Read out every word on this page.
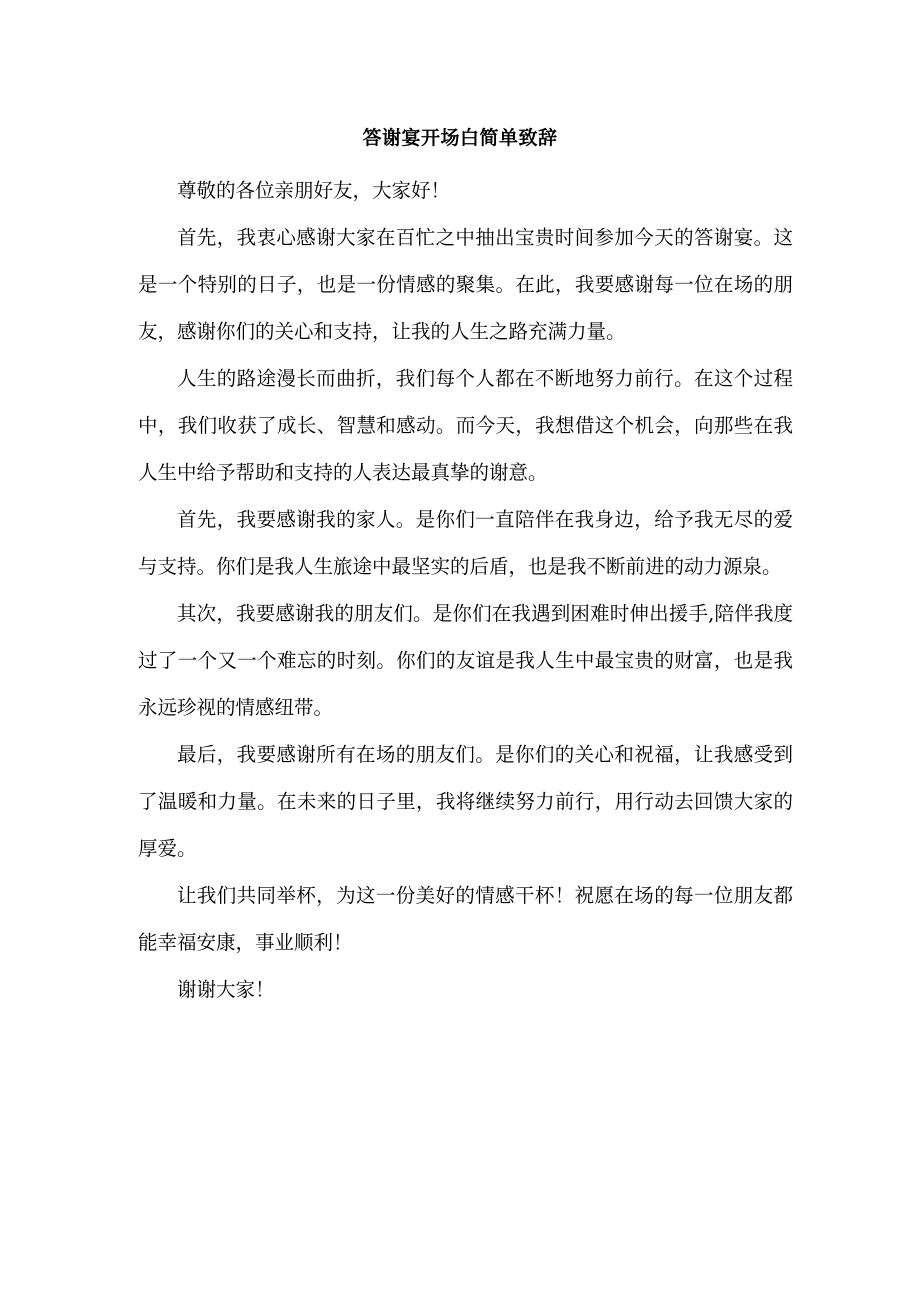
答谢宴开场白简单致辞

尊敬的各位亲朋好友，大家好！

首先，我衷心感谢大家在百忙之中抽出宝贵时间参加今天的答谢宴。这是一个特别的日子，也是一份情感的聚集。在此，我要感谢每一位在场的朋友，感谢你们的关心和支持，让我的人生之路充满力量。

人生的路途漫长而曲折，我们每个人都在不断地努力前行。在这个过程中，我们收获了成长、智慧和感动。而今天，我想借这个机会，向那些在我人生中给予帮助和支持的人表达最真挚的谢意。

首先，我要感谢我的家人。是你们一直陪伴在我身边，给予我无尽的爱与支持。你们是我人生旅途中最坚实的后盾，也是我不断前进的动力源泉。

其次，我要感谢我的朋友们。是你们在我遇到困难时伸出援手,陪伴我度过了一个又一个难忘的时刻。你们的友谊是我人生中最宝贵的财富，也是我永远珍视的情感纽带。

最后，我要感谢所有在场的朋友们。是你们的关心和祝福，让我感受到了温暖和力量。在未来的日子里，我将继续努力前行，用行动去回馈大家的厚爱。

让我们共同举杯，为这一份美好的情感干杯！祝愿在场的每一位朋友都能幸福安康，事业顺利！

谢谢大家！
